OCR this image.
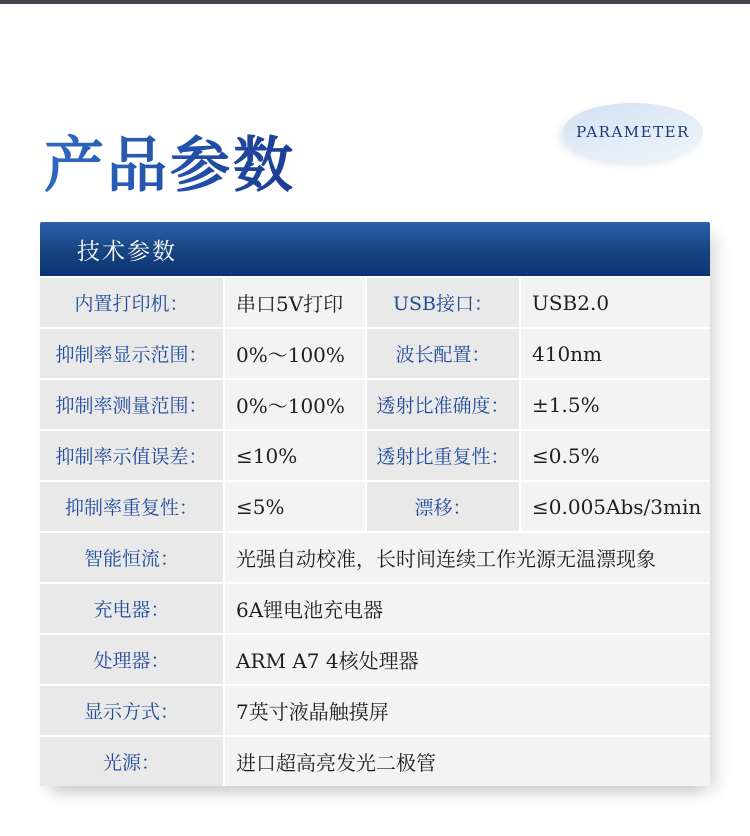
产品参数	PARAMETER
技术参数
内置打印机：	串口5V打印	USB接口：	USB2.0
抑制率显示范围：	0%～100%	波长配置：	410nm
抑制率测量范围：	0%～100%	透射比准确度：	±1.5%
抑制率示值误差：	≤10%	透射比重复性：	≤0.5%
抑制率重复性：	≤5%	漂移：	≤0.005Abs/3min
智能恒流：	光强自动校准，长时间连续工作光源无温漂现象
充电器：	6A锂电池充电器
处理器：	ARM A7 4核处理器
显示方式：	7英寸液晶触摸屏
光源：	进口超高亮发光二极管
